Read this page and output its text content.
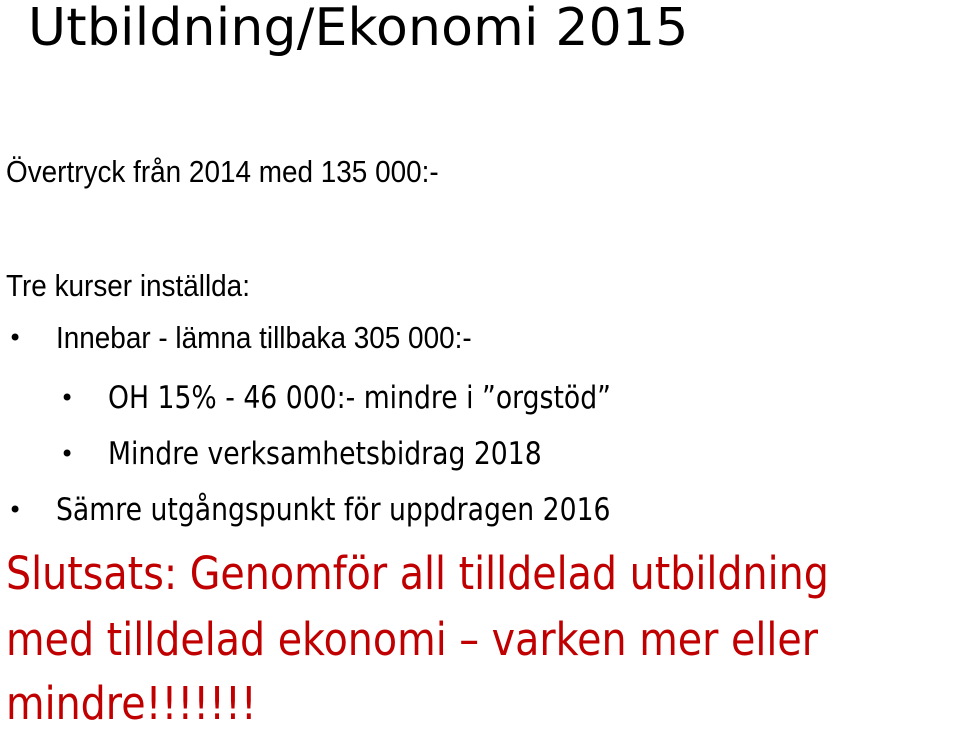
Utbildning/Ekonomi 2015

Övertryck från 2014 med 135 000:-

Tre kurser inställda:

• Innebar - lämna tillbaka 305 000:-

• OH 15% - 46 000:- mindre i ”orgstöd”

• Mindre verksamhetsbidrag 2018

• Sämre utgångspunkt för uppdragen 2016

Slutsats: Genomför all tilldelad utbildning

med tilldelad ekonomi – varken mer eller

mindre!!!!!!!
